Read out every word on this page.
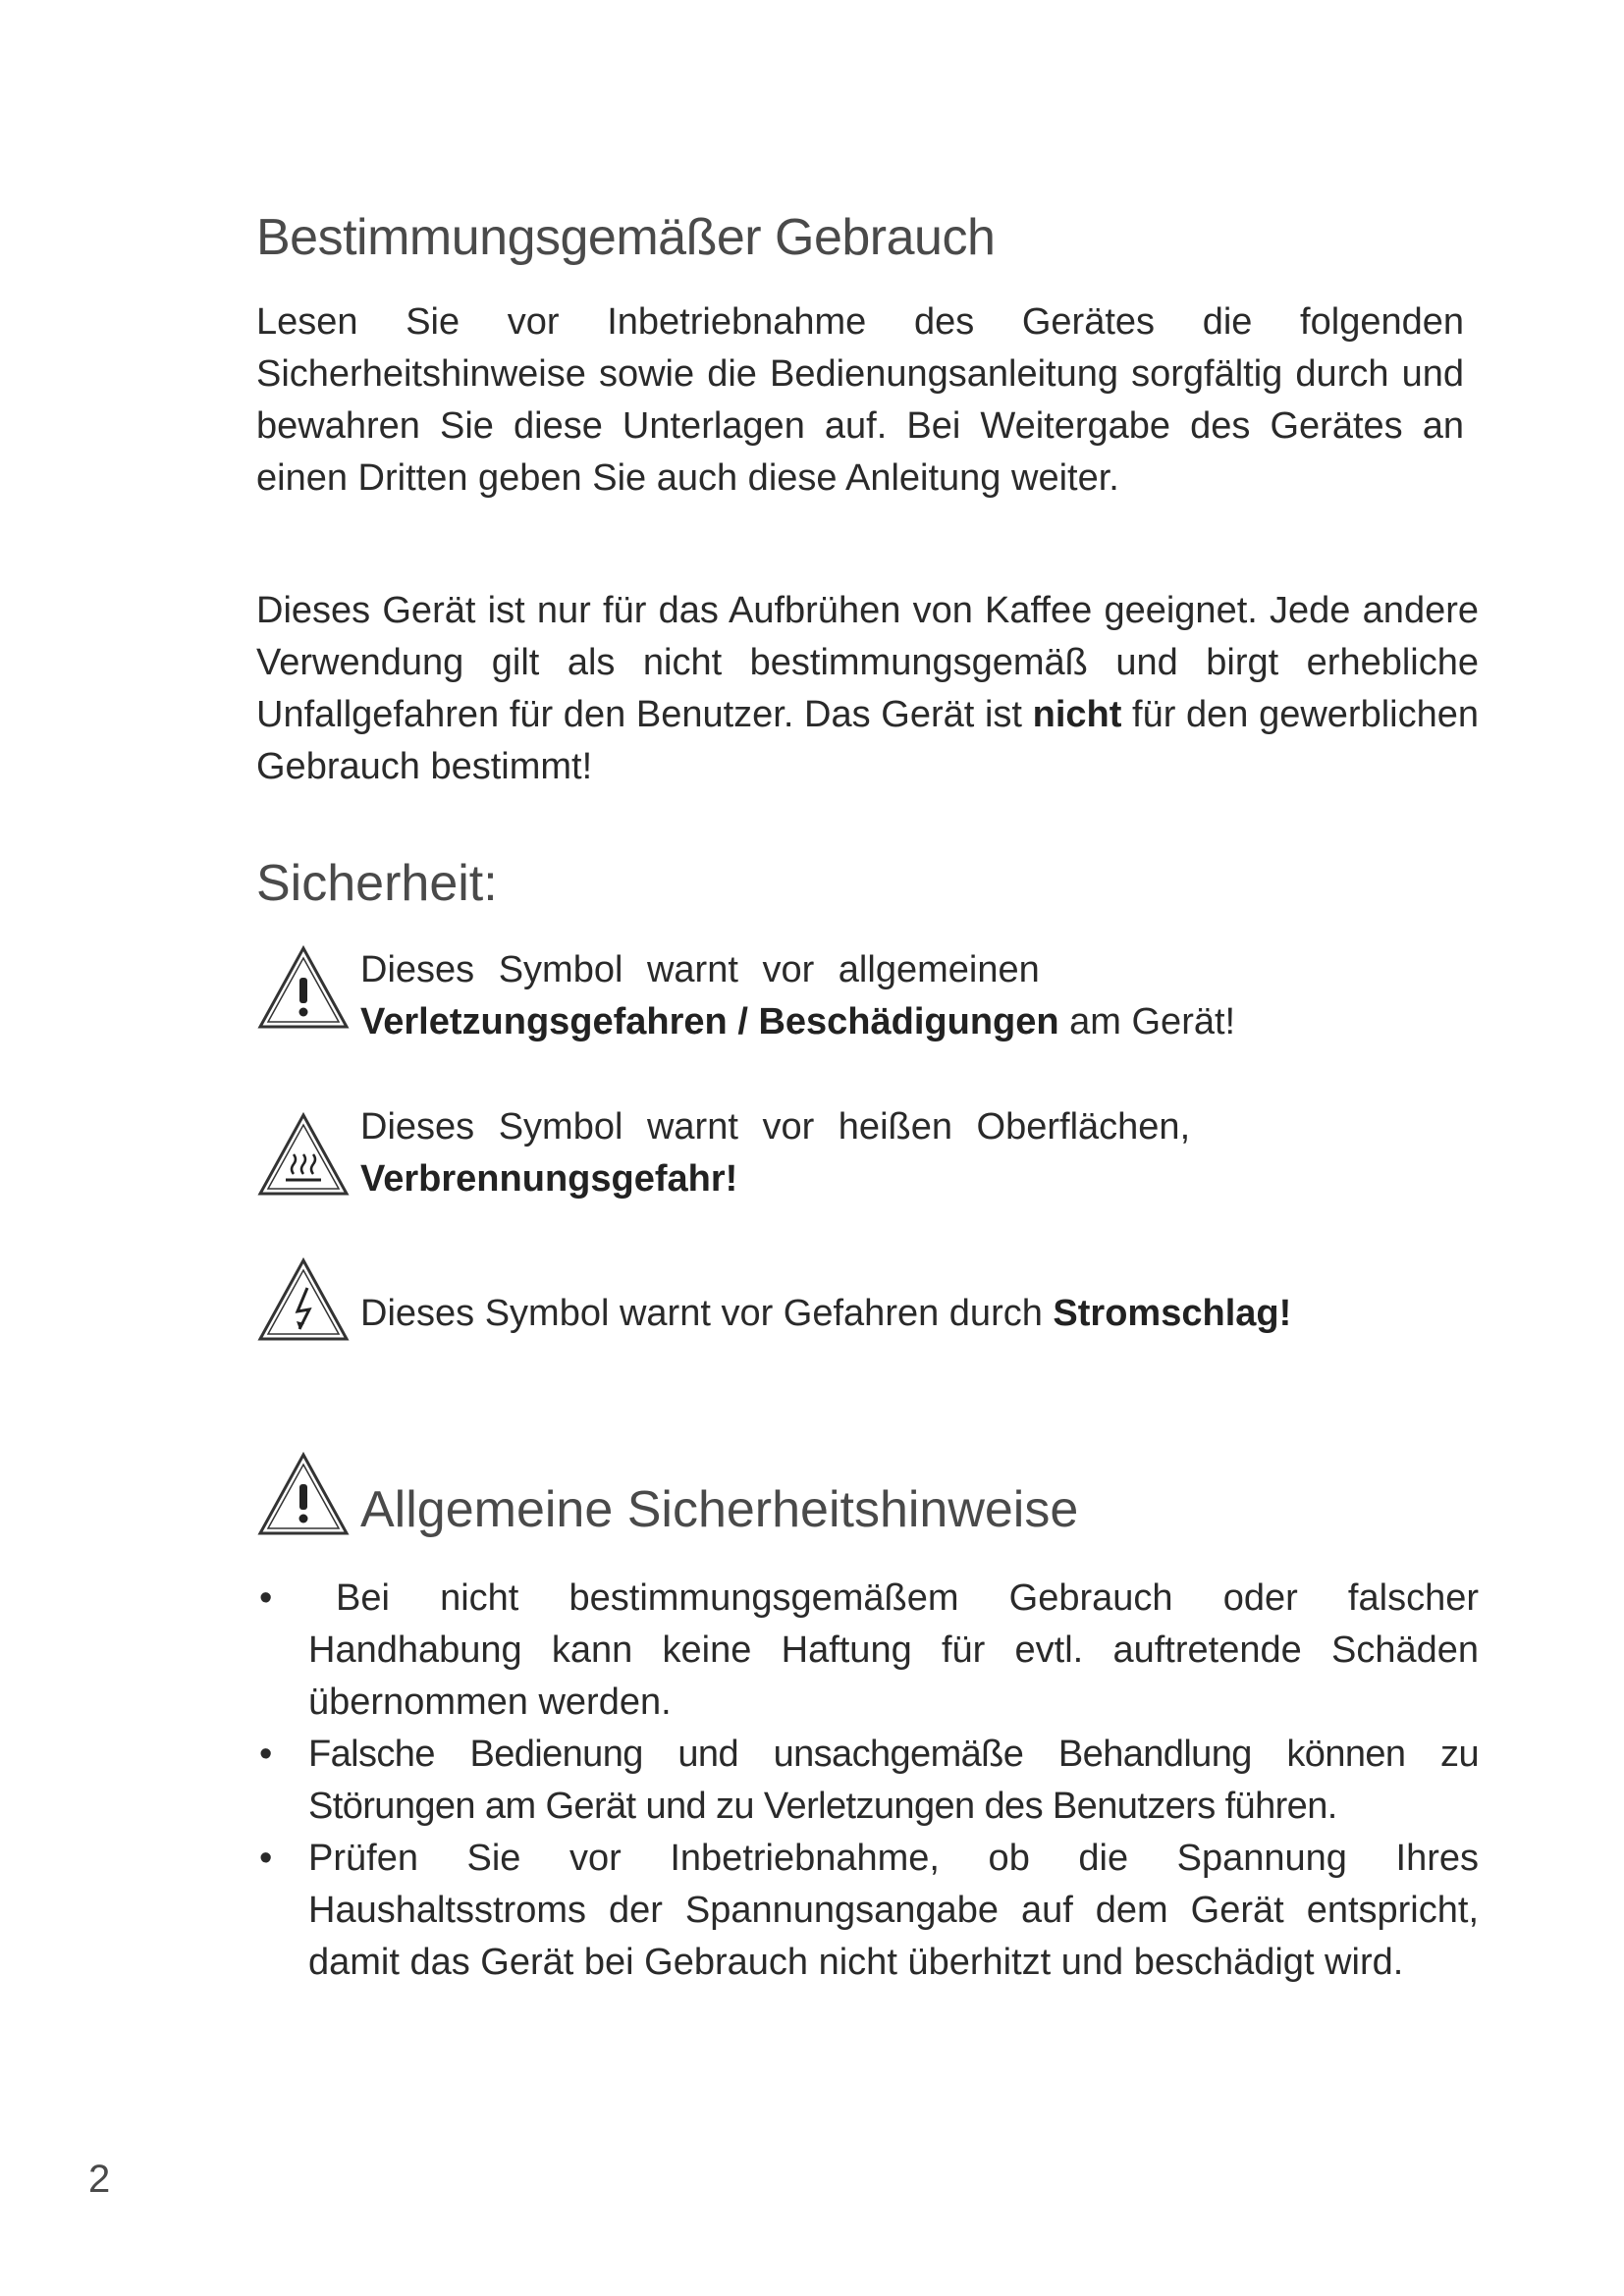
Bestimmungsgemäßer Gebrauch

Lesen Sie vor Inbetriebnahme des Gerätes die folgenden Sicherheitshinweise sowie die Bedienungsanleitung sorgfältig durch und bewahren Sie diese Unterlagen auf. Bei Weitergabe des Gerätes an einen Dritten geben Sie auch diese Anleitung weiter.

Dieses Gerät ist nur für das Aufbrühen von Kaffee geeignet. Jede andere Verwendung gilt als nicht bestimmungsgemäß und birgt erhebliche Unfallgefahren für den Benutzer. Das Gerät ist nicht für den gewerblichen Gebrauch bestimmt!

Sicherheit:
Dieses Symbol warnt vor allgemeinen
Verletzungsgefahren / Beschädigungen am Gerät!
Dieses Symbol warnt vor heißen Oberflächen,
Verbrennungsgefahr!
Dieses Symbol warnt vor Gefahren durch Stromschlag!
Allgemeine Sicherheitshinweise
•	Bei nicht bestimmungsgemäßem Gebrauch oder falscher Handhabung kann keine Haftung für evtl. auftretende Schäden übernommen werden.
• Falsche Bedienung und unsachgemäße Behandlung können zu Störungen am Gerät und zu Verletzungen des Benutzers führen.
• Prüfen Sie vor Inbetriebnahme, ob die Spannung Ihres Haushaltsstroms der Spannungsangabe auf dem Gerät entspricht, damit das Gerät bei Gebrauch nicht überhitzt und beschädigt wird.
2
